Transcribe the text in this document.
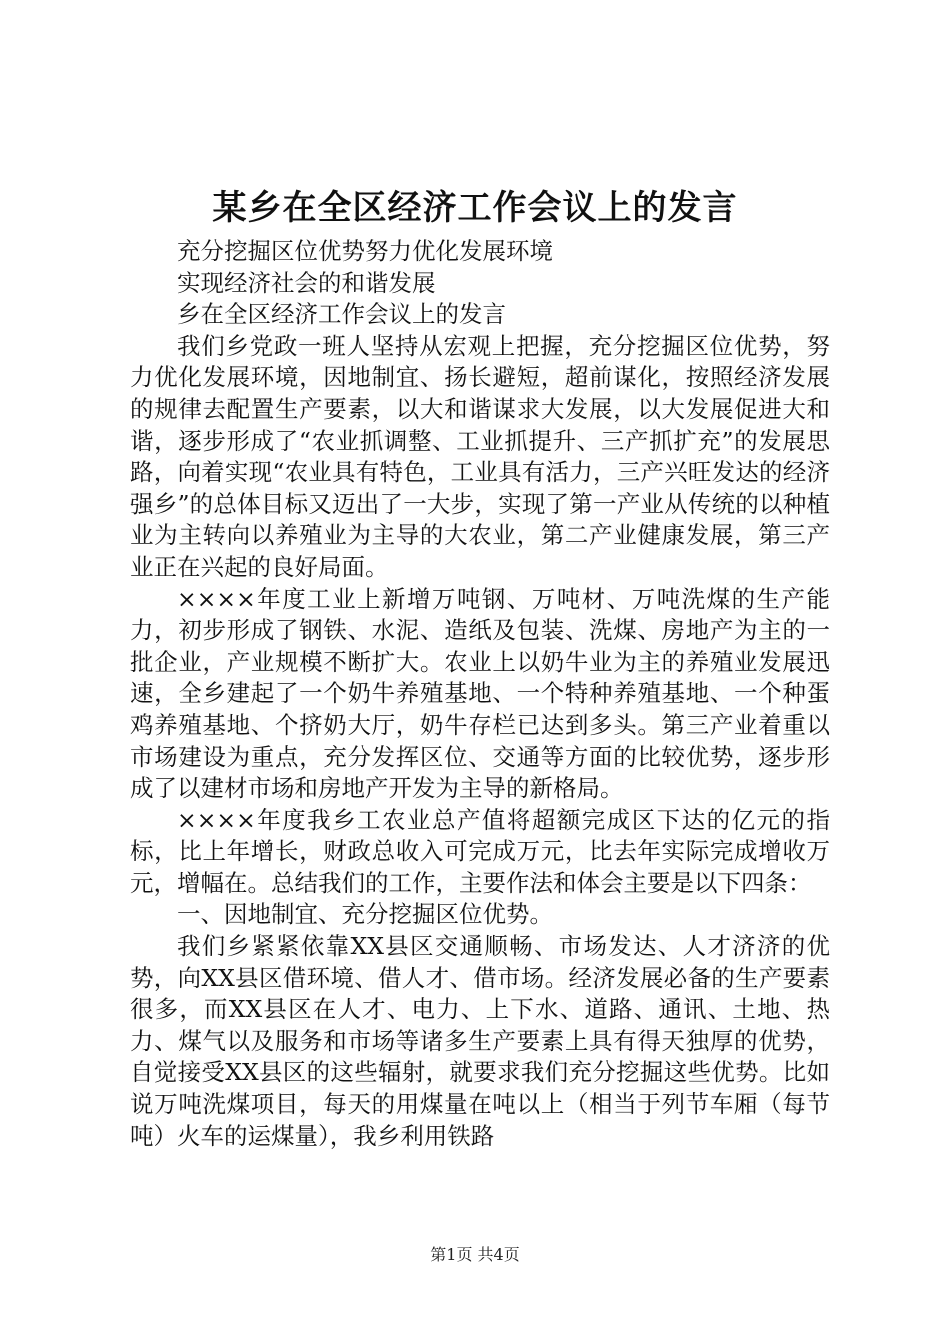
某乡在全区经济工作会议上的发言

充分挖掘区位优势努力优化发展环境

实现经济社会的和谐发展

乡在全区经济工作会议上的发言

我们乡党政一班人坚持从宏观上把握，充分挖掘区位优势，努力优化发展环境，因地制宜、扬长避短，超前谋化，按照经济发展的规律去配置生产要素，以大和谐谋求大发展，以大发展促进大和谐，逐步形成了“农业抓调整、工业抓提升、三产抓扩充”的发展思路，向着实现“农业具有特色，工业具有活力，三产兴旺发达的经济强乡”的总体目标又迈出了一大步，实现了第一产业从传统的以种植业为主转向以养殖业为主导的大农业，第二产业健康发展，第三产业正在兴起的良好局面。

××××年度工业上新增万吨钢、万吨材、万吨洗煤的生产能力，初步形成了钢铁、水泥、造纸及包装、洗煤、房地产为主的一批企业，产业规模不断扩大。农业上以奶牛业为主的养殖业发展迅速，全乡建起了一个奶牛养殖基地、一个特种养殖基地、一个种蛋鸡养殖基地、个挤奶大厅，奶牛存栏已达到多头。第三产业着重以市场建设为重点，充分发挥区位、交通等方面的比较优势，逐步形成了以建材市场和房地产开发为主导的新格局。

××××年度我乡工农业总产值将超额完成区下达的亿元的指标，比上年增长，财政总收入可完成万元，比去年实际完成增收万元，增幅在。总结我们的工作，主要作法和体会主要是以下四条：

一、因地制宜、充分挖掘区位优势。

我们乡紧紧依靠XX县区交通顺畅、市场发达、人才济济的优势，向XX县区借环境、借人才、借市场。经济发展必备的生产要素很多，而XX县区在人才、电力、上下水、道路、通讯、土地、热力、煤气以及服务和市场等诸多生产要素上具有得天独厚的优势，自觉接受XX县区的这些辐射，就要求我们充分挖掘这些优势。比如说万吨洗煤项目，每天的用煤量在吨以上（相当于列节车厢（每节吨）火车的运煤量），我乡利用铁路

第1页 共4页
